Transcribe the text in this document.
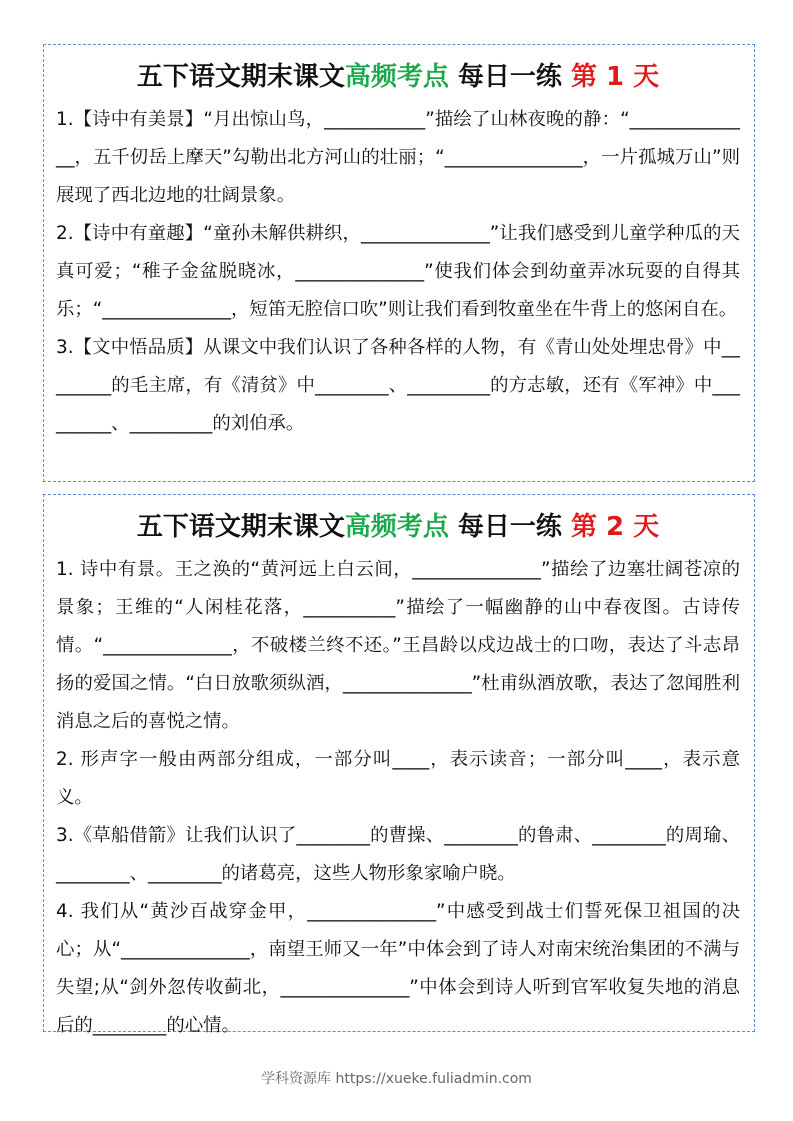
五下语文期末课文高频考点 每日一练 第 1 天

1.【诗中有美景】“月出惊山鸟，___________”描绘了山林夜晚的静：“______________，五千仞岳上摩天”勾勒出北方河山的壮丽；“_______________，一片孤城万山”则展现了西北边地的壮阔景象。

2.【诗中有童趣】“童孙未解供耕织，______________”让我们感受到儿童学种瓜的天真可爱；“稚子金盆脱晓冰，______________”使我们体会到幼童弄冰玩耍的自得其乐；“______________，短笛无腔信口吹”则让我们看到牧童坐在牛背上的悠闲自在。

3.【文中悟品质】从课文中我们认识了各种各样的人物，有《青山处处埋忠骨》中________的毛主席，有《清贫》中________、_________的方志敏，还有《军神》中_________、_________的刘伯承。

五下语文期末课文高频考点 每日一练 第 2 天

1. 诗中有景。王之涣的“黄河远上白云间，______________”描绘了边塞壮阔苍凉的景象；王维的“人闲桂花落，__________”描绘了一幅幽静的山中春夜图。古诗传情。“______________，不破楼兰终不还。”王昌龄以戍边战士的口吻，表达了斗志昂扬的爱国之情。“白日放歌须纵酒，______________”杜甫纵酒放歌，表达了忽闻胜利消息之后的喜悦之情。

2. 形声字一般由两部分组成，一部分叫____，表示读音；一部分叫____，表示意义。

3.《草船借箭》让我们认识了________的曹操、________的鲁肃、________的周瑜、________、________的诸葛亮，这些人物形象家喻户晓。

4. 我们从“黄沙百战穿金甲，______________”中感受到战士们誓死保卫祖国的决心；从“______________，南望王师又一年”中体会到了诗人对南宋统治集团的不满与失望;从“剑外忽传收蓟北，______________”中体会到诗人听到官军收复失地的消息后的________的心情。

学科资源库 https://xueke.fuliadmin.com
